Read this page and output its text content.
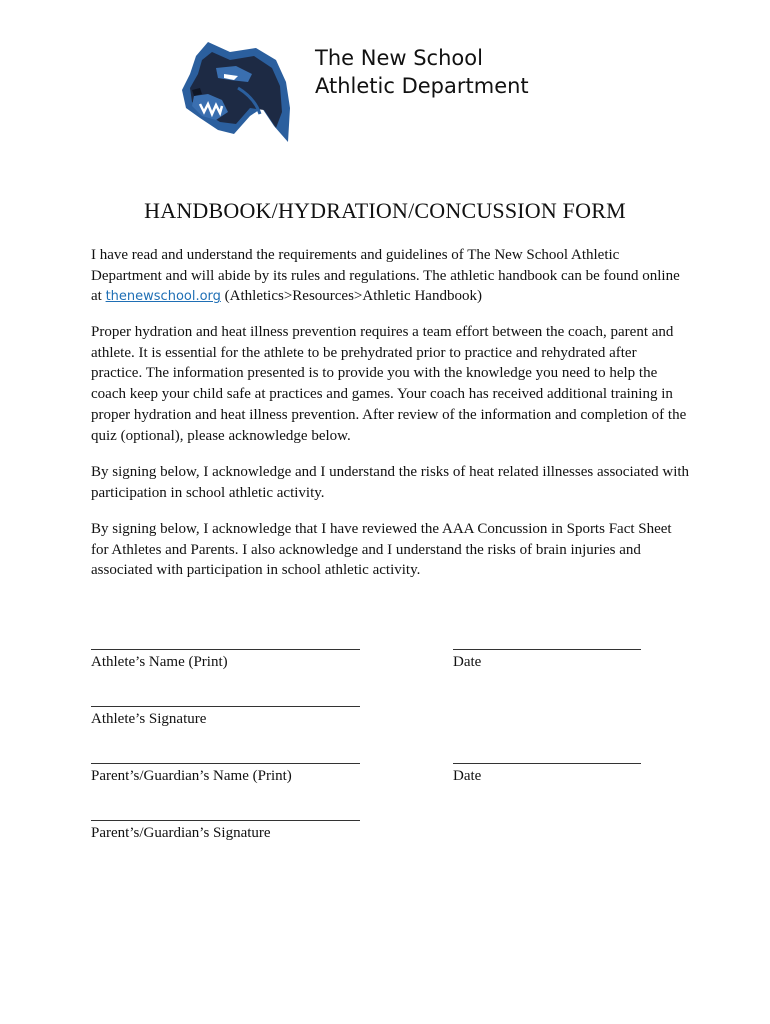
The New School
Athletic Department
HANDBOOK/HYDRATION/CONCUSSION FORM
I have read and understand the requirements and guidelines of The New School Athletic Department and will abide by its rules and regulations. The athletic handbook can be found online at thenewschool.org (Athletics>Resources>Athletic Handbook)
Proper hydration and heat illness prevention requires a team effort between the coach, parent and athlete. It is essential for the athlete to be prehydrated prior to practice and rehydrated after practice. The information presented is to provide you with the knowledge you need to help the coach keep your child safe at practices and games. Your coach has received additional training in proper hydration and heat illness prevention. After review of the information and completion of the quiz (optional), please acknowledge below.
By signing below, I acknowledge and I understand the risks of heat related illnesses associated with participation in school athletic activity.
By signing below, I acknowledge that I have reviewed the AAA Concussion in Sports Fact Sheet for Athletes and Parents. I also acknowledge and I understand the risks of brain injuries and associated with participation in school athletic activity.
Athlete’s Name (Print)	Date
Athlete’s Signature
Parent’s/Guardian’s Name (Print)	Date
Parent’s/Guardian’s Signature
